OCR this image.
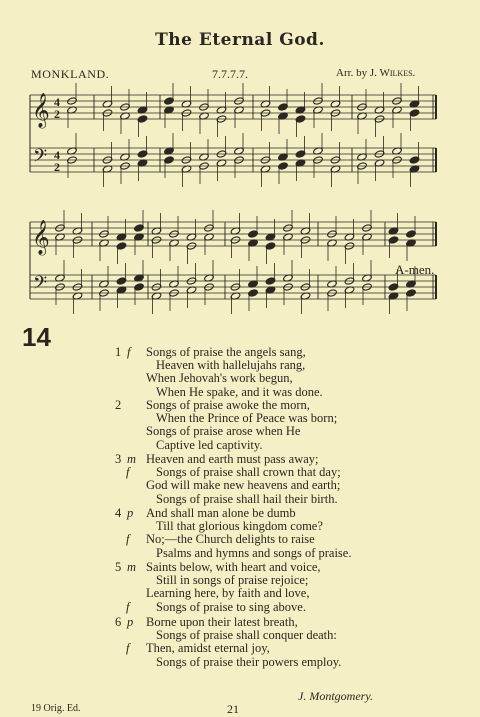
The Eternal God.
MONKLAND.	7.7.7.7.	Arr. by J. Wilkes.
𝄞
𝄢
4
2
4
2
𝄞
𝄢
A-men.
14	1 f Songs of praise the angels sang,
Heaven with hallelujahs rang,
When Jehovah's work begun,
When He spake, and it was done.
2 Songs of praise awoke the morn,
When the Prince of Peace was born;
Songs of praise arose when He
Captive led captivity.
3 m Heaven and earth must pass away;
f Songs of praise shall crown that day;
God will make new heavens and earth;
Songs of praise shall hail their birth.
4 p And shall man alone be dumb
Till that glorious kingdom come?
f No;—the Church delights to raise
Psalms and hymns and songs of praise.
5 m Saints below, with heart and voice,
Still in songs of praise rejoice;
Learning here, by faith and love,
f Songs of praise to sing above.
6 p Borne upon their latest breath,
Songs of praise shall conquer death:
f Then, amidst eternal joy,
Songs of praise their powers employ.
J. Montgomery.
19 Orig. Ed.	21
